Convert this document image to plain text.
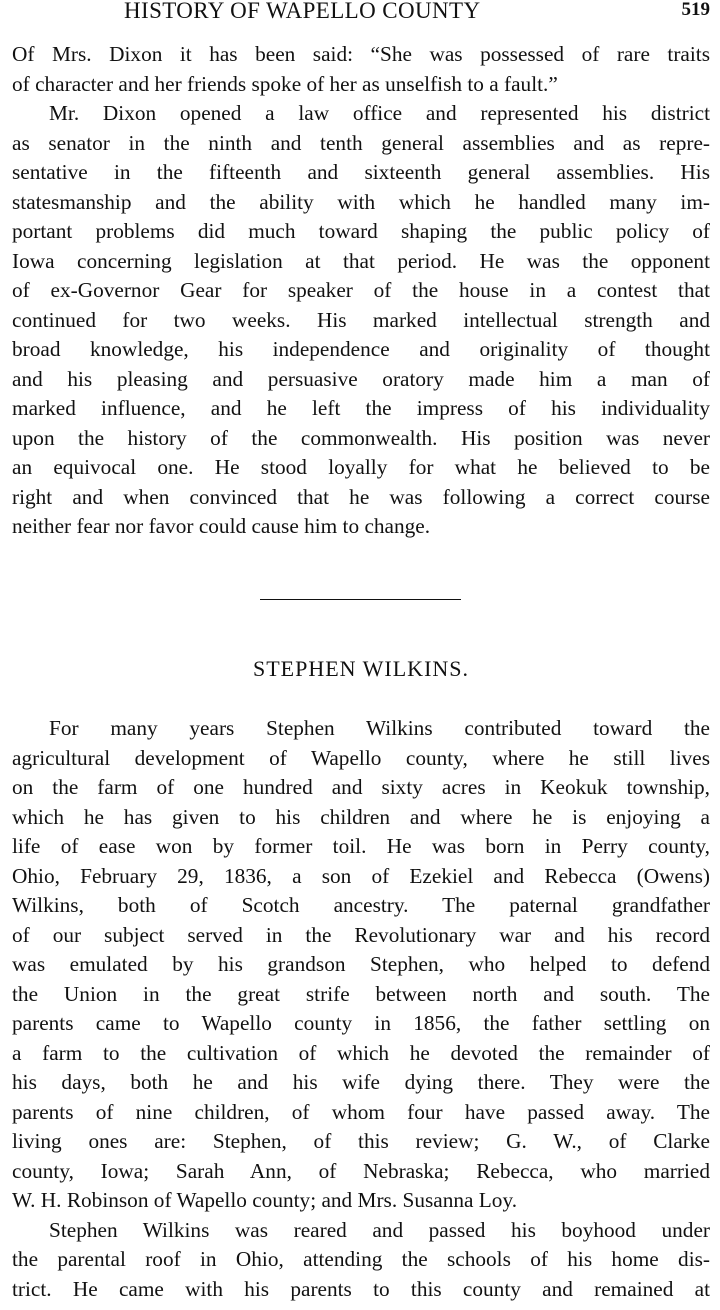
HISTORY OF WAPELLO COUNTY	519
Of Mrs. Dixon it has been said: “She was possessed of rare traits
of character and her friends spoke of her as unselfish to a fault.”
Mr. Dixon opened a law office and represented his district
as senator in the ninth and tenth general assemblies and as repre-
sentative in the fifteenth and sixteenth general assemblies. His
statesmanship and the ability with which he handled many im-
portant problems did much toward shaping the public policy of
Iowa concerning legislation at that period. He was the opponent
of ex-Governor Gear for speaker of the house in a contest that
continued for two weeks. His marked intellectual strength and
broad knowledge, his independence and originality of thought
and his pleasing and persuasive oratory made him a man of
marked influence, and he left the impress of his individuality
upon the history of the commonwealth. His position was never
an equivocal one. He stood loyally for what he believed to be
right and when convinced that he was following a correct course
neither fear nor favor could cause him to change.
STEPHEN WILKINS.
For many years Stephen Wilkins contributed toward the
agricultural development of Wapello county, where he still lives
on the farm of one hundred and sixty acres in Keokuk township,
which he has given to his children and where he is enjoying a
life of ease won by former toil. He was born in Perry county,
Ohio, February 29, 1836, a son of Ezekiel and Rebecca (Owens)
Wilkins, both of Scotch ancestry. The paternal grandfather
of our subject served in the Revolutionary war and his record
was emulated by his grandson Stephen, who helped to defend
the Union in the great strife between north and south. The
parents came to Wapello county in 1856, the father settling on
a farm to the cultivation of which he devoted the remainder of
his days, both he and his wife dying there. They were the
parents of nine children, of whom four have passed away. The
living ones are: Stephen, of this review; G. W., of Clarke
county, Iowa; Sarah Ann, of Nebraska; Rebecca, who married
W. H. Robinson of Wapello county; and Mrs. Susanna Loy.
Stephen Wilkins was reared and passed his boyhood under
the parental roof in Ohio, attending the schools of his home dis-
trict. He came with his parents to this county and remained at
